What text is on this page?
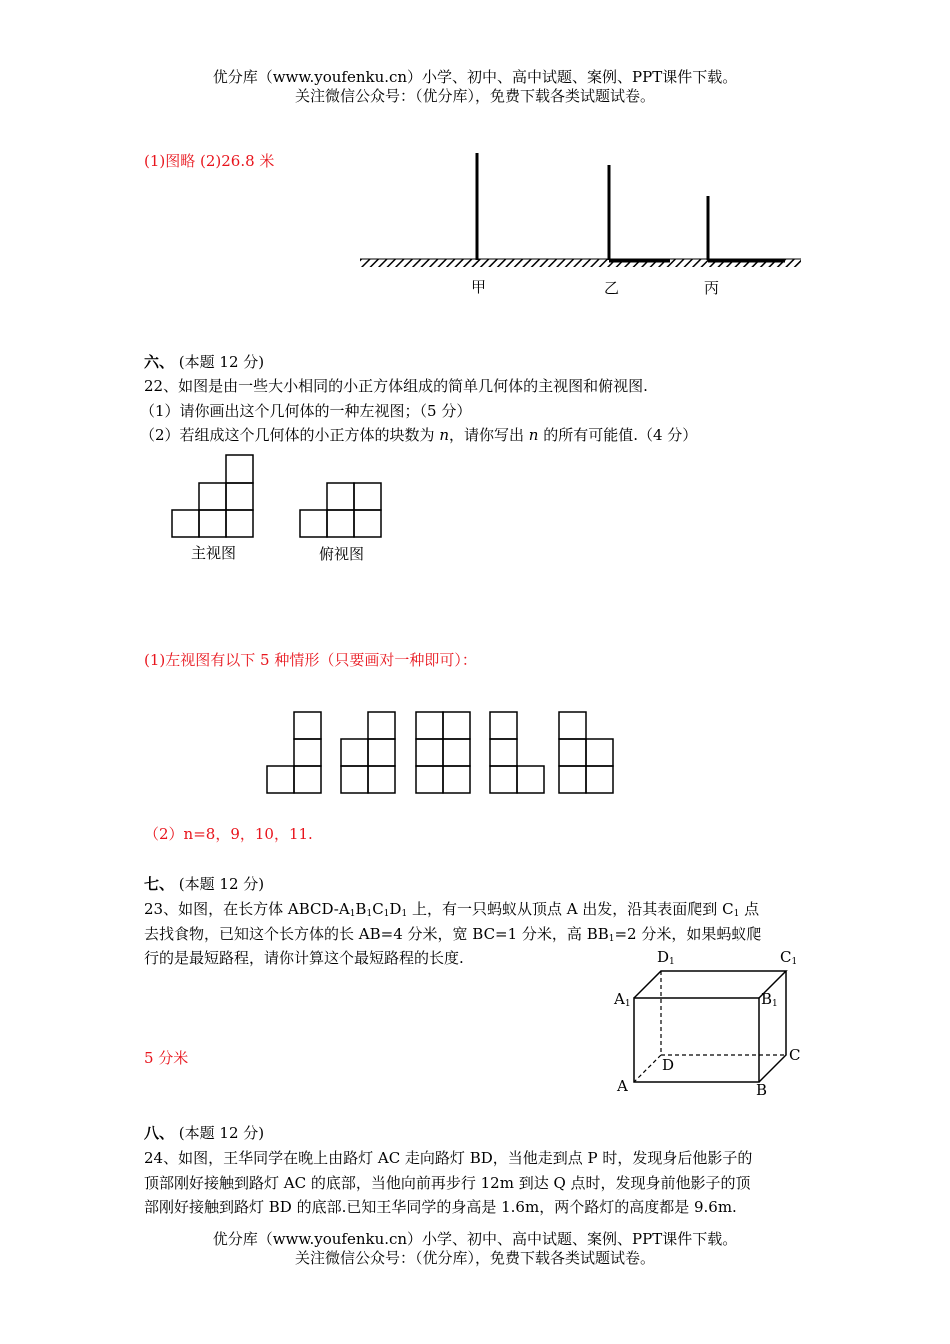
优分库（www.youfenku.cn）小学、初中、高中试题、案例、PPT课件下载。
关注微信公众号：（优分库），免费下载各类试题试卷。
(1)图略 (2)26.8 米
甲	乙	丙
六、 (本题 12 分)
22、如图是由一些大小相同的小正方体组成的简单几何体的主视图和俯视图.
（1）请你画出这个几何体的一种左视图；（5 分）
（2）若组成这个几何体的小正方体的块数为 n，请你写出 n 的所有可能值.（4 分）
主视图	俯视图
(1)左视图有以下 5 种情形（只要画对一种即可）：
（2）n=8，9，10，11.
七、 (本题 12 分)
23、如图，在长方体 ABCD-$A_1B_1C_1D_1$ 上，有一只蚂蚁从顶点 A 出发，沿其表面爬到 $C_1$ 点
去找食物，已知这个长方体的长 AB=4 分米，宽 BC=1 分米，高 $BB_1=2$ 分米，如果蚂蚁爬
行的是最短路程，请你计算这个最短路程的长度.
5 分米
$D_1$	$C_1$
$A_1$	$B_1$
C
D
A	B
八、 (本题 12 分)
24、如图，王华同学在晚上由路灯 AC 走向路灯 BD，当他走到点 P 时，发现身后他影子的
顶部刚好接触到路灯 AC 的底部，当他向前再步行 12m 到达 Q 点时，发现身前他影子的顶
部刚好接触到路灯 BD 的底部.已知王华同学的身高是 1.6m，两个路灯的高度都是 9.6m.
优分库（www.youfenku.cn）小学、初中、高中试题、案例、PPT课件下载。
关注微信公众号：（优分库），免费下载各类试题试卷。
